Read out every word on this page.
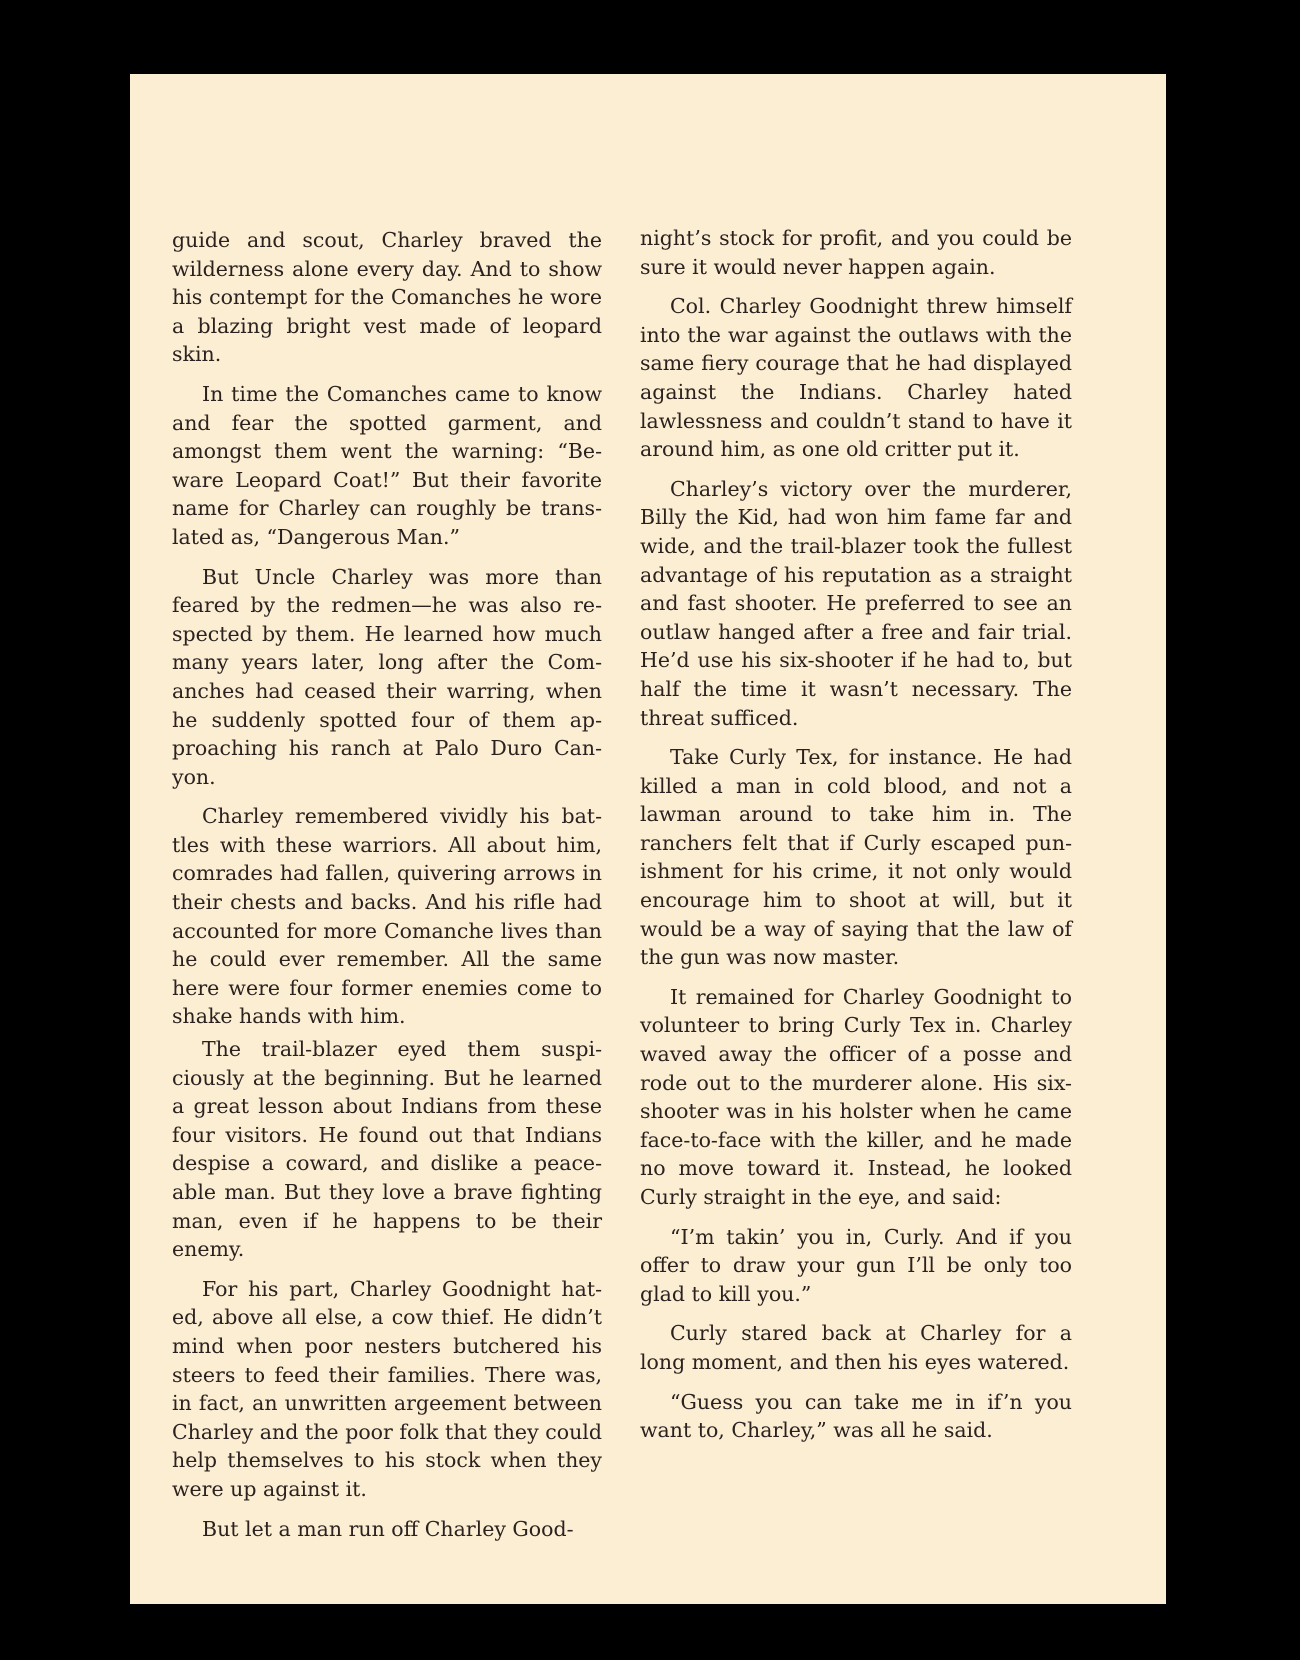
guide and scout, Charley braved the wilderness alone every day. And to show his contempt for the Comanches he wore a blazing bright vest made of leopard skin.

In time the Comanches came to know and fear the spotted garment, and amongst them went the warning: “Beware Leopard Coat!” But their favorite name for Charley can roughly be translated as, “Dangerous Man.”

But Uncle Charley was more than feared by the redmen—he was also respected by them. He learned how much many years later, long after the Comanches had ceased their warring, when he suddenly spotted four of them approaching his ranch at Palo Duro Canyon.

Charley remembered vividly his battles with these warriors. All about him, comrades had fallen, quivering arrows in their chests and backs. And his rifle had accounted for more Comanche lives than he could ever remember. All the same here were four former enemies come to shake hands with him.

The trail-blazer eyed them suspiciously at the beginning. But he learned a great lesson about Indians from these four visitors. He found out that Indians despise a coward, and dislike a peaceable man. But they love a brave fighting man, even if he happens to be their enemy.

For his part, Charley Goodnight hated, above all else, a cow thief. He didn’t mind when poor nesters butchered his steers to feed their families. There was, in fact, an unwritten argeement between Charley and the poor folk that they could help themselves to his stock when they were up against it.

But let a man run off Charley Good-

night’s stock for profit, and you could be sure it would never happen again.

Col. Charley Goodnight threw himself into the war against the outlaws with the same fiery courage that he had displayed against the Indians. Charley hated lawlessness and couldn’t stand to have it around him, as one old critter put it.

Charley’s victory over the murderer, Billy the Kid, had won him fame far and wide, and the trail-blazer took the fullest advantage of his reputation as a straight and fast shooter. He preferred to see an outlaw hanged after a free and fair trial. He’d use his six-shooter if he had to, but half the time it wasn’t necessary. The threat sufficed.

Take Curly Tex, for instance. He had killed a man in cold blood, and not a lawman around to take him in. The ranchers felt that if Curly escaped punishment for his crime, it not only would encourage him to shoot at will, but it would be a way of saying that the law of the gun was now master.

It remained for Charley Goodnight to volunteer to bring Curly Tex in. Charley waved away the officer of a posse and rode out to the murderer alone. His six-shooter was in his holster when he came face-to-face with the killer, and he made no move toward it. Instead, he looked Curly straight in the eye, and said:

“I’m takin’ you in, Curly. And if you offer to draw your gun I’ll be only too glad to kill you.”

Curly stared back at Charley for a long moment, and then his eyes watered.

“Guess you can take me in if’n you want to, Charley,” was all he said.
